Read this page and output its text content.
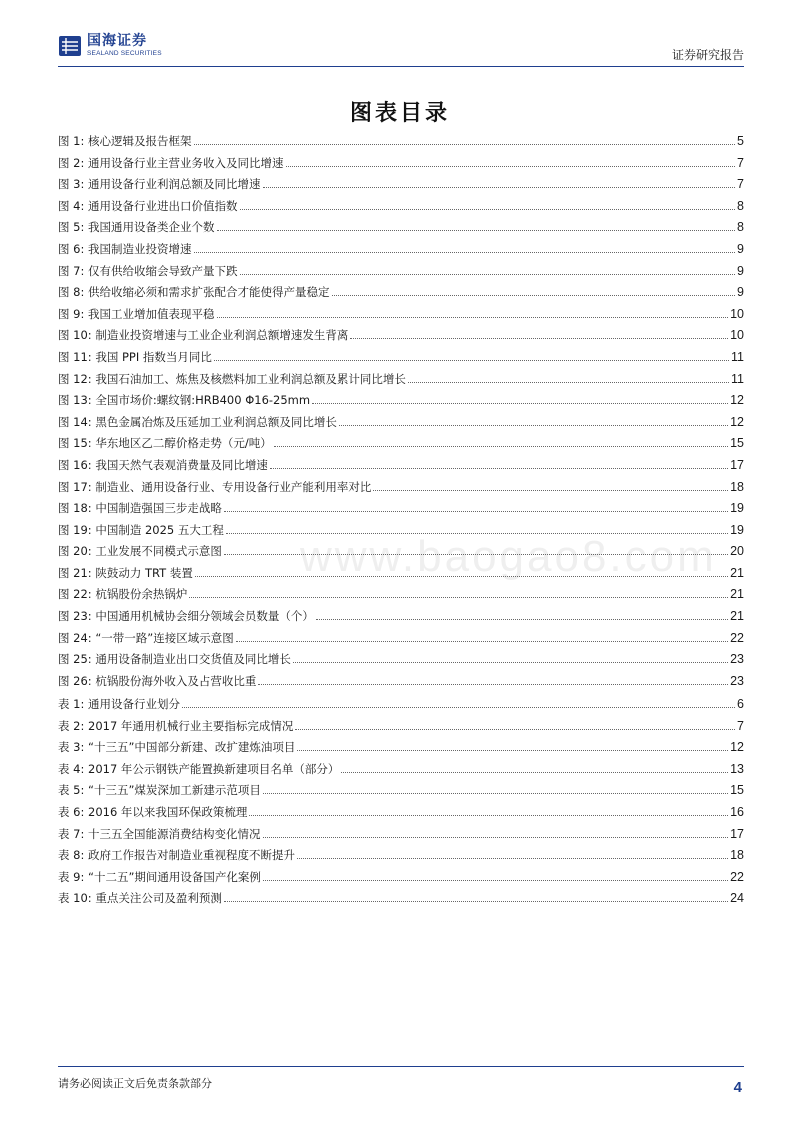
国海证券
SEALAND SECURITIES	证券研究报告
图表目录
www.baogao8.com
图 1: 核心逻辑及报告框架	5
图 2: 通用设备行业主营业务收入及同比增速	7
图 3: 通用设备行业利润总额及同比增速	7
图 4: 通用设备行业进出口价值指数	8
图 5: 我国通用设备类企业个数	8
图 6: 我国制造业投资增速	9
图 7: 仅有供给收缩会导致产量下跌	9
图 8: 供给收缩必须和需求扩张配合才能使得产量稳定	9
图 9: 我国工业增加值表现平稳	10
图 10: 制造业投资增速与工业企业利润总额增速发生背离	10
图 11: 我国 PPI 指数当月同比	11
图 12: 我国石油加工、炼焦及核燃料加工业利润总额及累计同比增长	11
图 13: 全国市场价:螺纹钢:HRB400 Φ16-25mm	12
图 14: 黑色金属冶炼及压延加工业利润总额及同比增长	12
图 15: 华东地区乙二醇价格走势（元/吨）	15
图 16: 我国天然气表观消费量及同比增速	17
图 17: 制造业、通用设备行业、专用设备行业产能利用率对比	18
图 18: 中国制造强国三步走战略	19
图 19: 中国制造 2025 五大工程	19
图 20: 工业发展不同模式示意图	20
图 21: 陕鼓动力 TRT 装置	21
图 22: 杭锅股份余热锅炉	21
图 23: 中国通用机械协会细分领域会员数量（个）	21
图 24: “一带一路”连接区域示意图	22
图 25: 通用设备制造业出口交货值及同比增长	23
图 26: 杭锅股份海外收入及占营收比重	23
表 1: 通用设备行业划分	6
表 2: 2017 年通用机械行业主要指标完成情况	7
表 3: “十三五”中国部分新建、改扩建炼油项目	12
表 4: 2017 年公示钢铁产能置换新建项目名单（部分）	13
表 5: “十三五”煤炭深加工新建示范项目	15
表 6: 2016 年以来我国环保政策梳理	16
表 7: 十三五全国能源消费结构变化情况	17
表 8: 政府工作报告对制造业重视程度不断提升	18
表 9: “十二五”期间通用设备国产化案例	22
表 10: 重点关注公司及盈利预测	24
请务必阅读正文后免责条款部分	4
